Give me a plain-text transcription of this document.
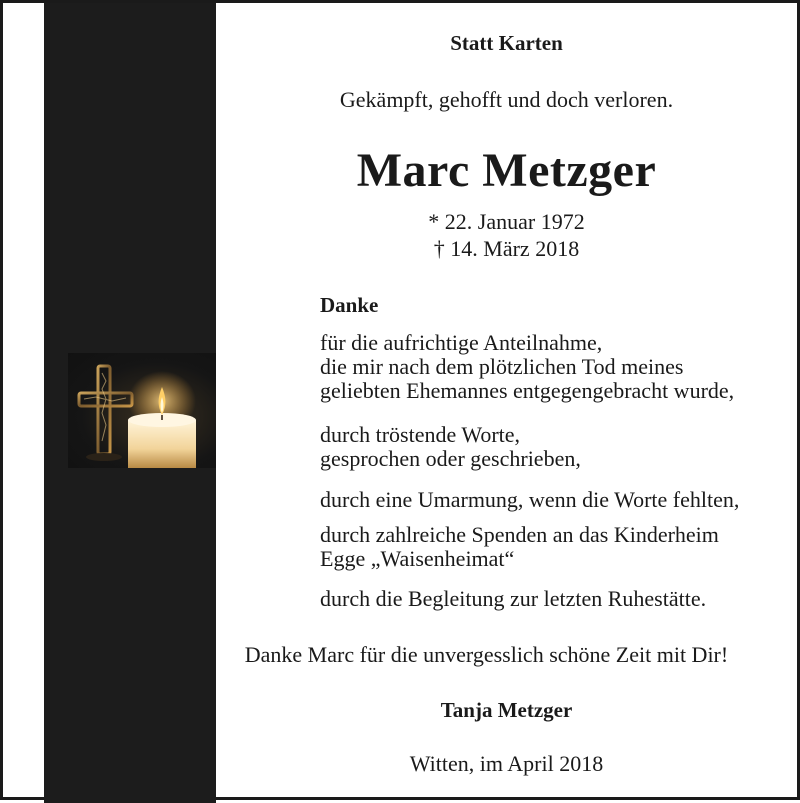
Statt Karten

Gekämpft, gehofft und doch verloren.

Marc Metzger

* 22. Januar 1972

† 14. März 2018

Danke

für die aufrichtige Anteilnahme,
die mir nach dem plötzlichen Tod meines
geliebten Ehemannes entgegengebracht wurde,
durch tröstende Worte,
gesprochen oder geschrieben,
durch eine Umarmung, wenn die Worte fehlten,
durch zahlreiche Spenden an das Kinderheim
Egge „Waisenheimat“
durch die Begleitung zur letzten Ruhestätte.

Danke Marc für die unvergesslich schöne Zeit mit Dir!

Tanja Metzger

Witten, im April 2018
